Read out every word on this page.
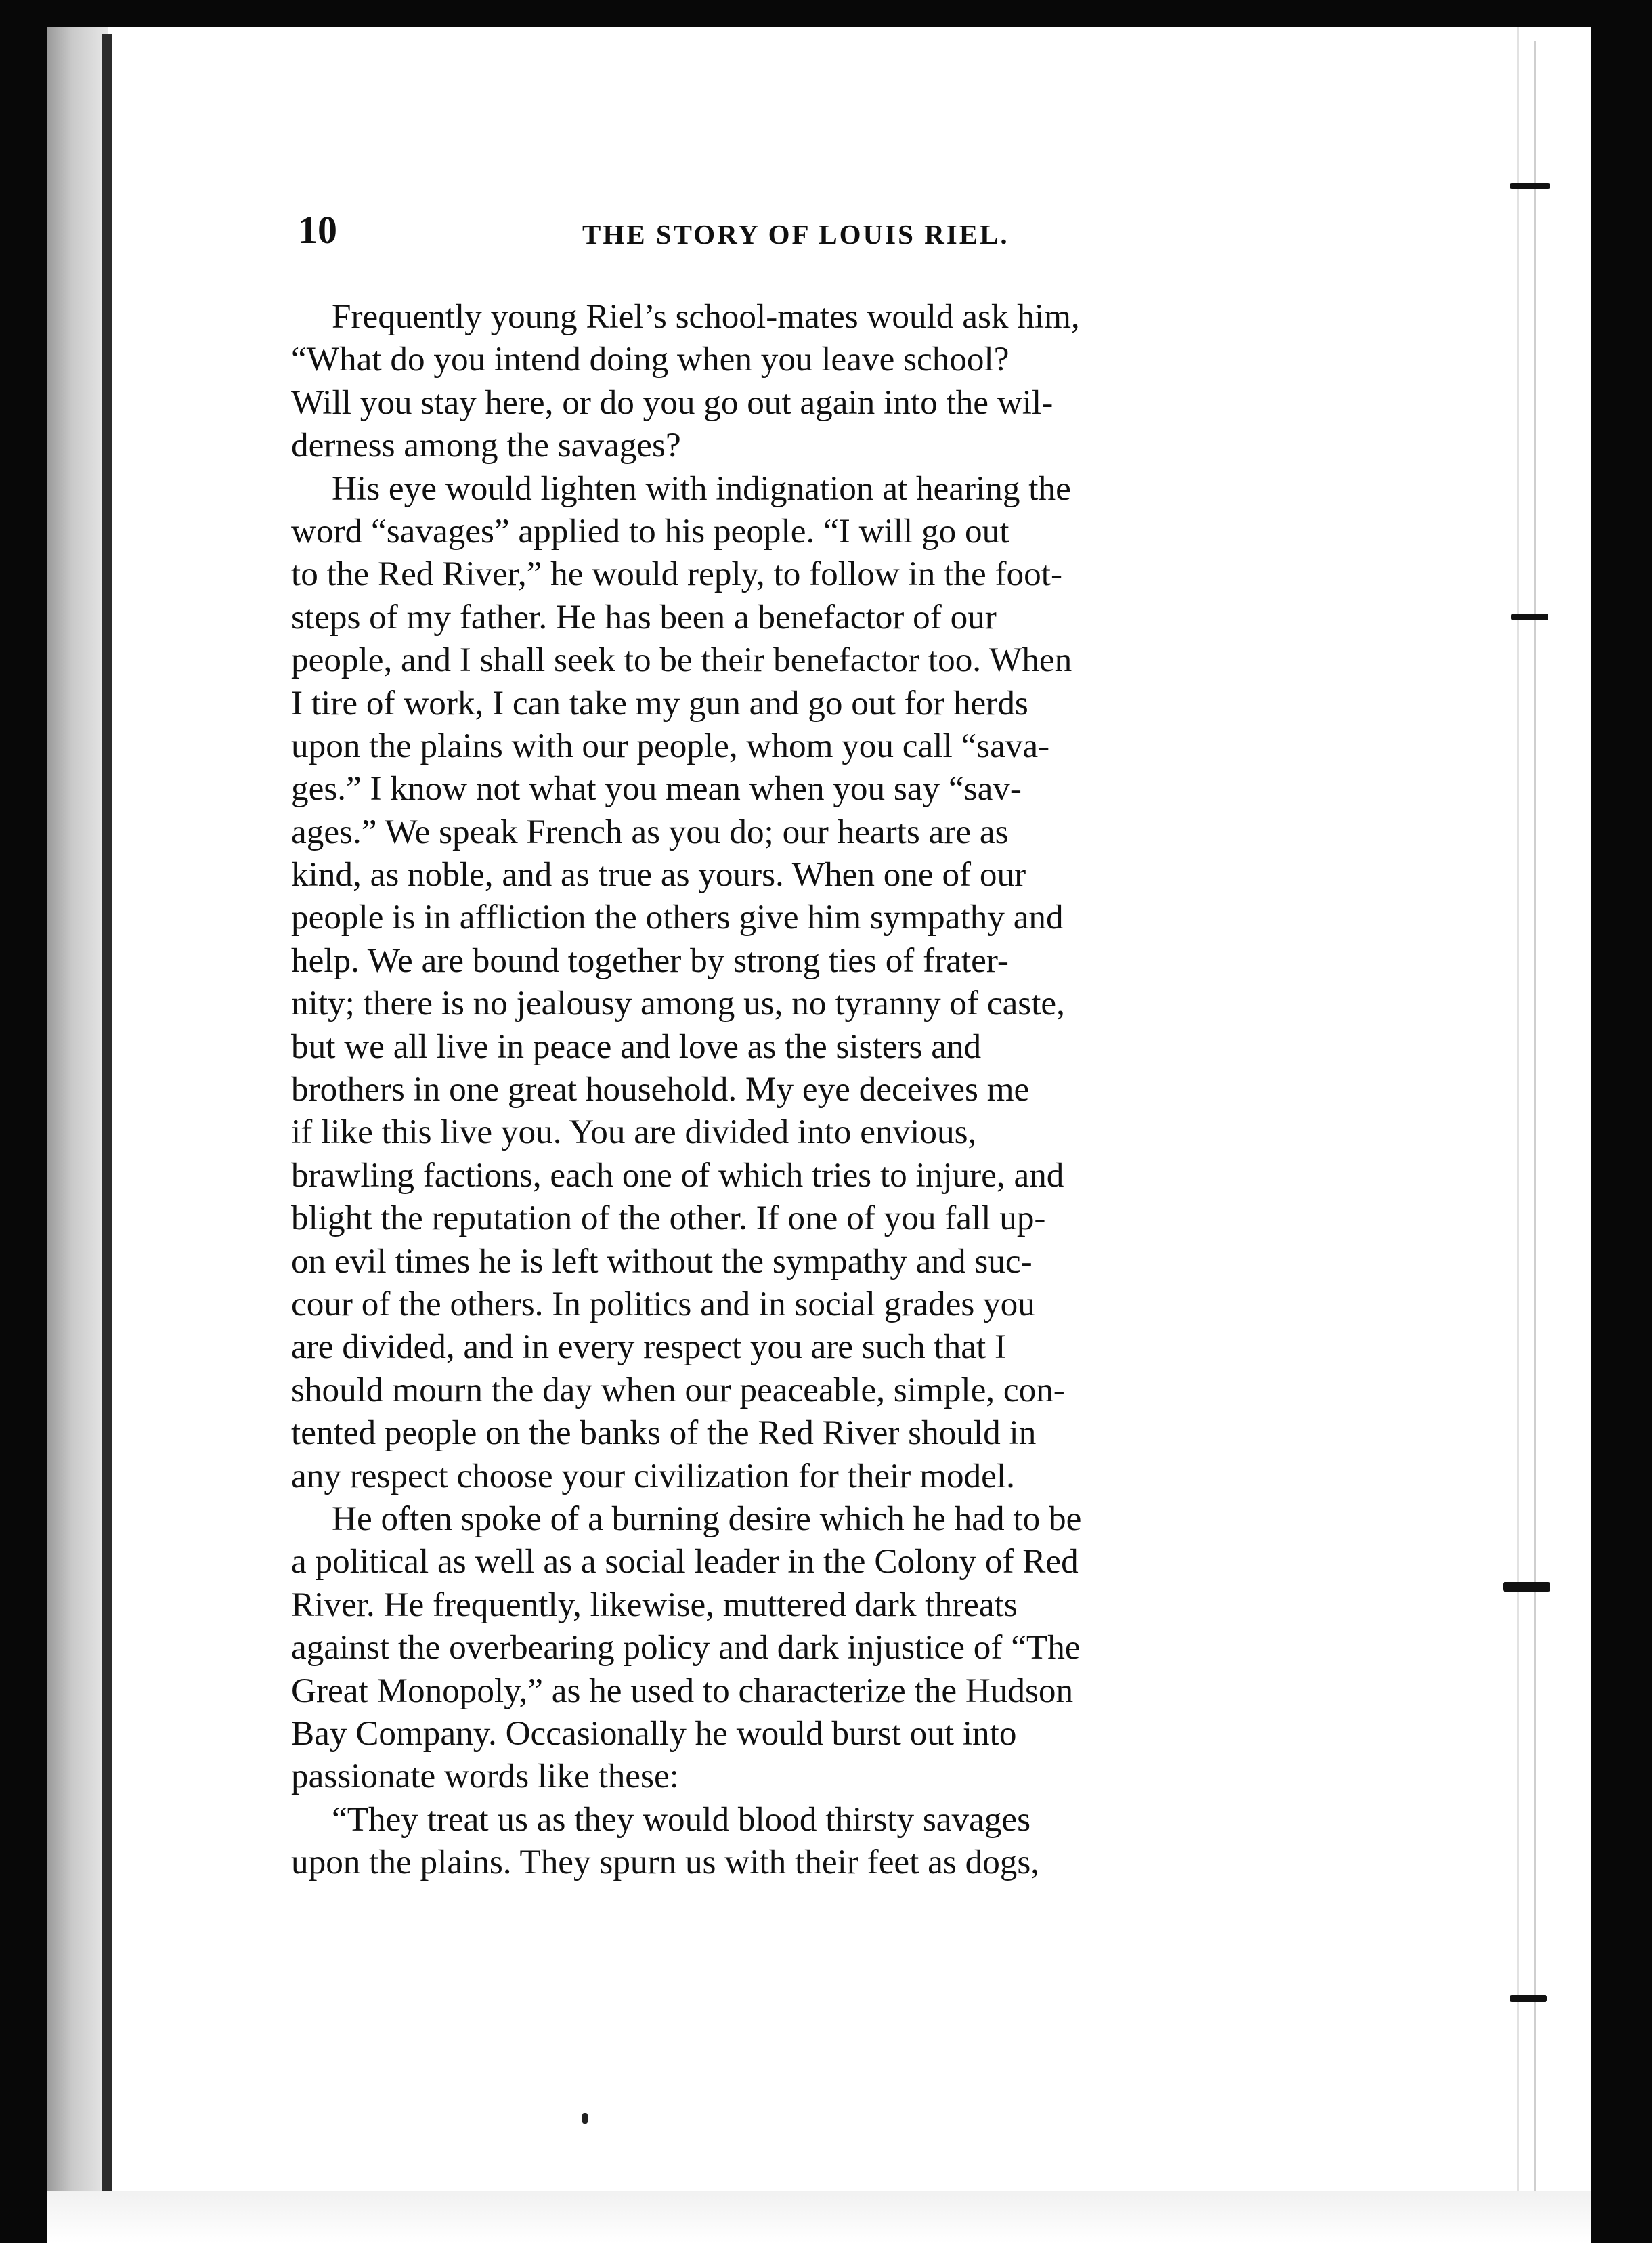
10	THE STORY OF LOUIS RIEL.
Frequently young Riel’s school-mates would ask him,
“What do you intend doing when you leave school?
Will you stay here, or do you go out again into the wil-
derness among the savages?
His eye would lighten with indignation at hearing the
word “savages” applied to his people. “I will go out
to the Red River,” he would reply, to follow in the foot-
steps of my father. He has been a benefactor of our
people, and I shall seek to be their benefactor too. When
I tire of work, I can take my gun and go out for herds
upon the plains with our people, whom you call “sava-
ges.” I know not what you mean when you say “sav-
ages.” We speak French as you do; our hearts are as
kind, as noble, and as true as yours. When one of our
people is in affliction the others give him sympathy and
help. We are bound together by strong ties of frater-
nity; there is no jealousy among us, no tyranny of caste,
but we all live in peace and love as the sisters and
brothers in one great household. My eye deceives me
if like this live you. You are divided into envious,
brawling factions, each one of which tries to injure, and
blight the reputation of the other. If one of you fall up-
on evil times he is left without the sympathy and suc-
cour of the others. In politics and in social grades you
are divided, and in every respect you are such that I
should mourn the day when our peaceable, simple, con-
tented people on the banks of the Red River should in
any respect choose your civilization for their model.
He often spoke of a burning desire which he had to be
a political as well as a social leader in the Colony of Red
River. He frequently, likewise, muttered dark threats
against the overbearing policy and dark injustice of “The
Great Monopoly,” as he used to characterize the Hudson
Bay Company. Occasionally he would burst out into
passionate words like these:
“They treat us as they would blood thirsty savages
upon the plains. They spurn us with their feet as dogs,
